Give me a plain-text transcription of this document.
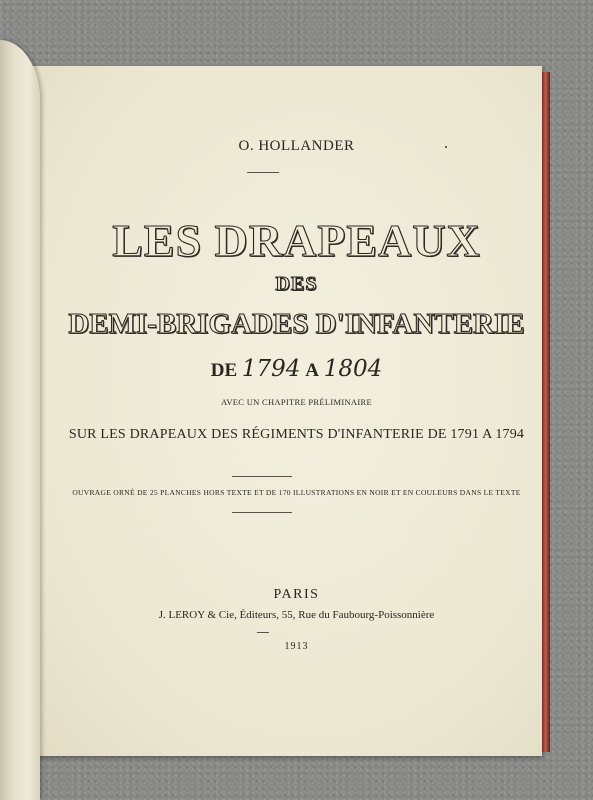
O. HOLLANDER
LES DRAPEAUX
DES
DEMI-BRIGADES D'INFANTERIE
DE 1794 A 1804
AVEC UN CHAPITRE PRÉLIMINAIRE
SUR LES DRAPEAUX DES RÉGIMENTS D'INFANTERIE DE 1791 A 1794
OUVRAGE ORNÉ DE 25 PLANCHES HORS TEXTE ET DE 170 ILLUSTRATIONS EN NOIR ET EN COULEURS DANS LE TEXTE
PARIS
J. LEROY & Cie, Éditeurs, 55, Rue du Faubourg-Poissonnière
1913
